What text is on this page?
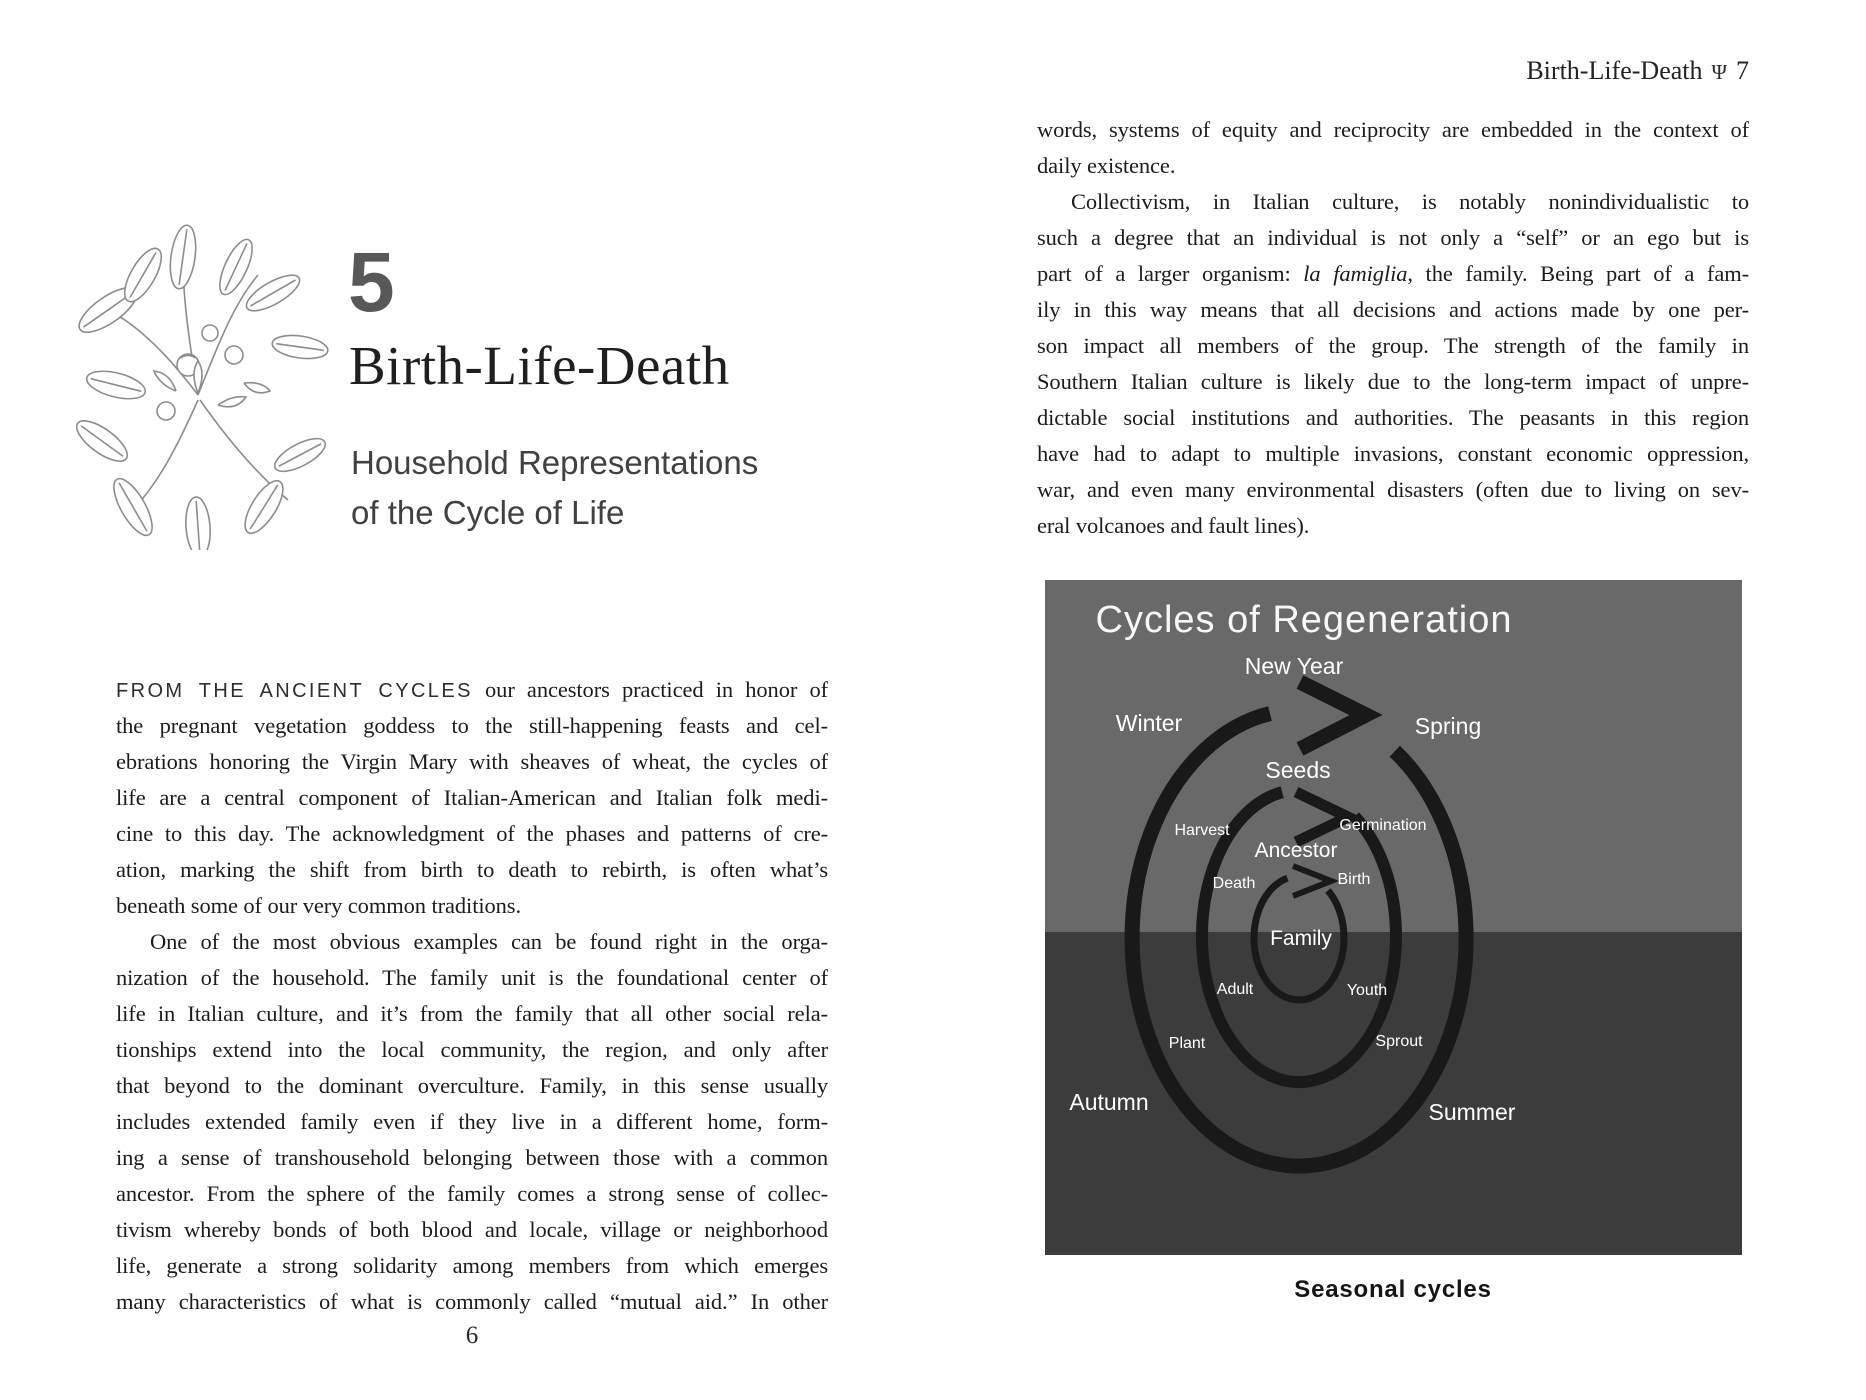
5
Birth-Life-Death
Household Representations
of the Cycle of Life
FROM THE ANCIENT CYCLES our ancestors practiced in honor of
the pregnant vegetation goddess to the still-happening feasts and cel-
ebrations honoring the Virgin Mary with sheaves of wheat, the cycles of
life are a central component of Italian-American and Italian folk medi-
cine to this day. The acknowledgment of the phases and patterns of cre-
ation, marking the shift from birth to death to rebirth, is often what’s
beneath some of our very common traditions.
One of the most obvious examples can be found right in the orga-
nization of the household. The family unit is the foundational center of
life in Italian culture, and it’s from the family that all other social rela-
tionships extend into the local community, the region, and only after
that beyond to the dominant overculture. Family, in this sense usually
includes extended family even if they live in a different home, form-
ing a sense of transhousehold belonging between those with a common
ancestor. From the sphere of the family comes a strong sense of collec-
tivism whereby bonds of both blood and locale, village or neighborhood
life, generate a strong solidarity among members from which emerges
many characteristics of what is commonly called “mutual aid.” In other
6
Birth-Life-Death Ψ 7
words, systems of equity and reciprocity are embedded in the context of
daily existence.
Collectivism, in Italian culture, is notably nonindividualistic to
such a degree that an individual is not only a “self” or an ego but is
part of a larger organism: la famiglia, the family. Being part of a fam-
ily in this way means that all decisions and actions made by one per-
son impact all members of the group. The strength of the family in
Southern Italian culture is likely due to the long-term impact of unpre-
dictable social institutions and authorities. The peasants in this region
have had to adapt to multiple invasions, constant economic oppression,
war, and even many environmental disasters (often due to living on sev-
eral volcanoes and fault lines).
Cycles of Regeneration
New Year
Winter	Spring
Seeds
Harvest	Germination
Ancestor
Death	Birth
Family
Adult	Youth
Plant	Sprout
Autumn	Summer
Seasonal cycles
